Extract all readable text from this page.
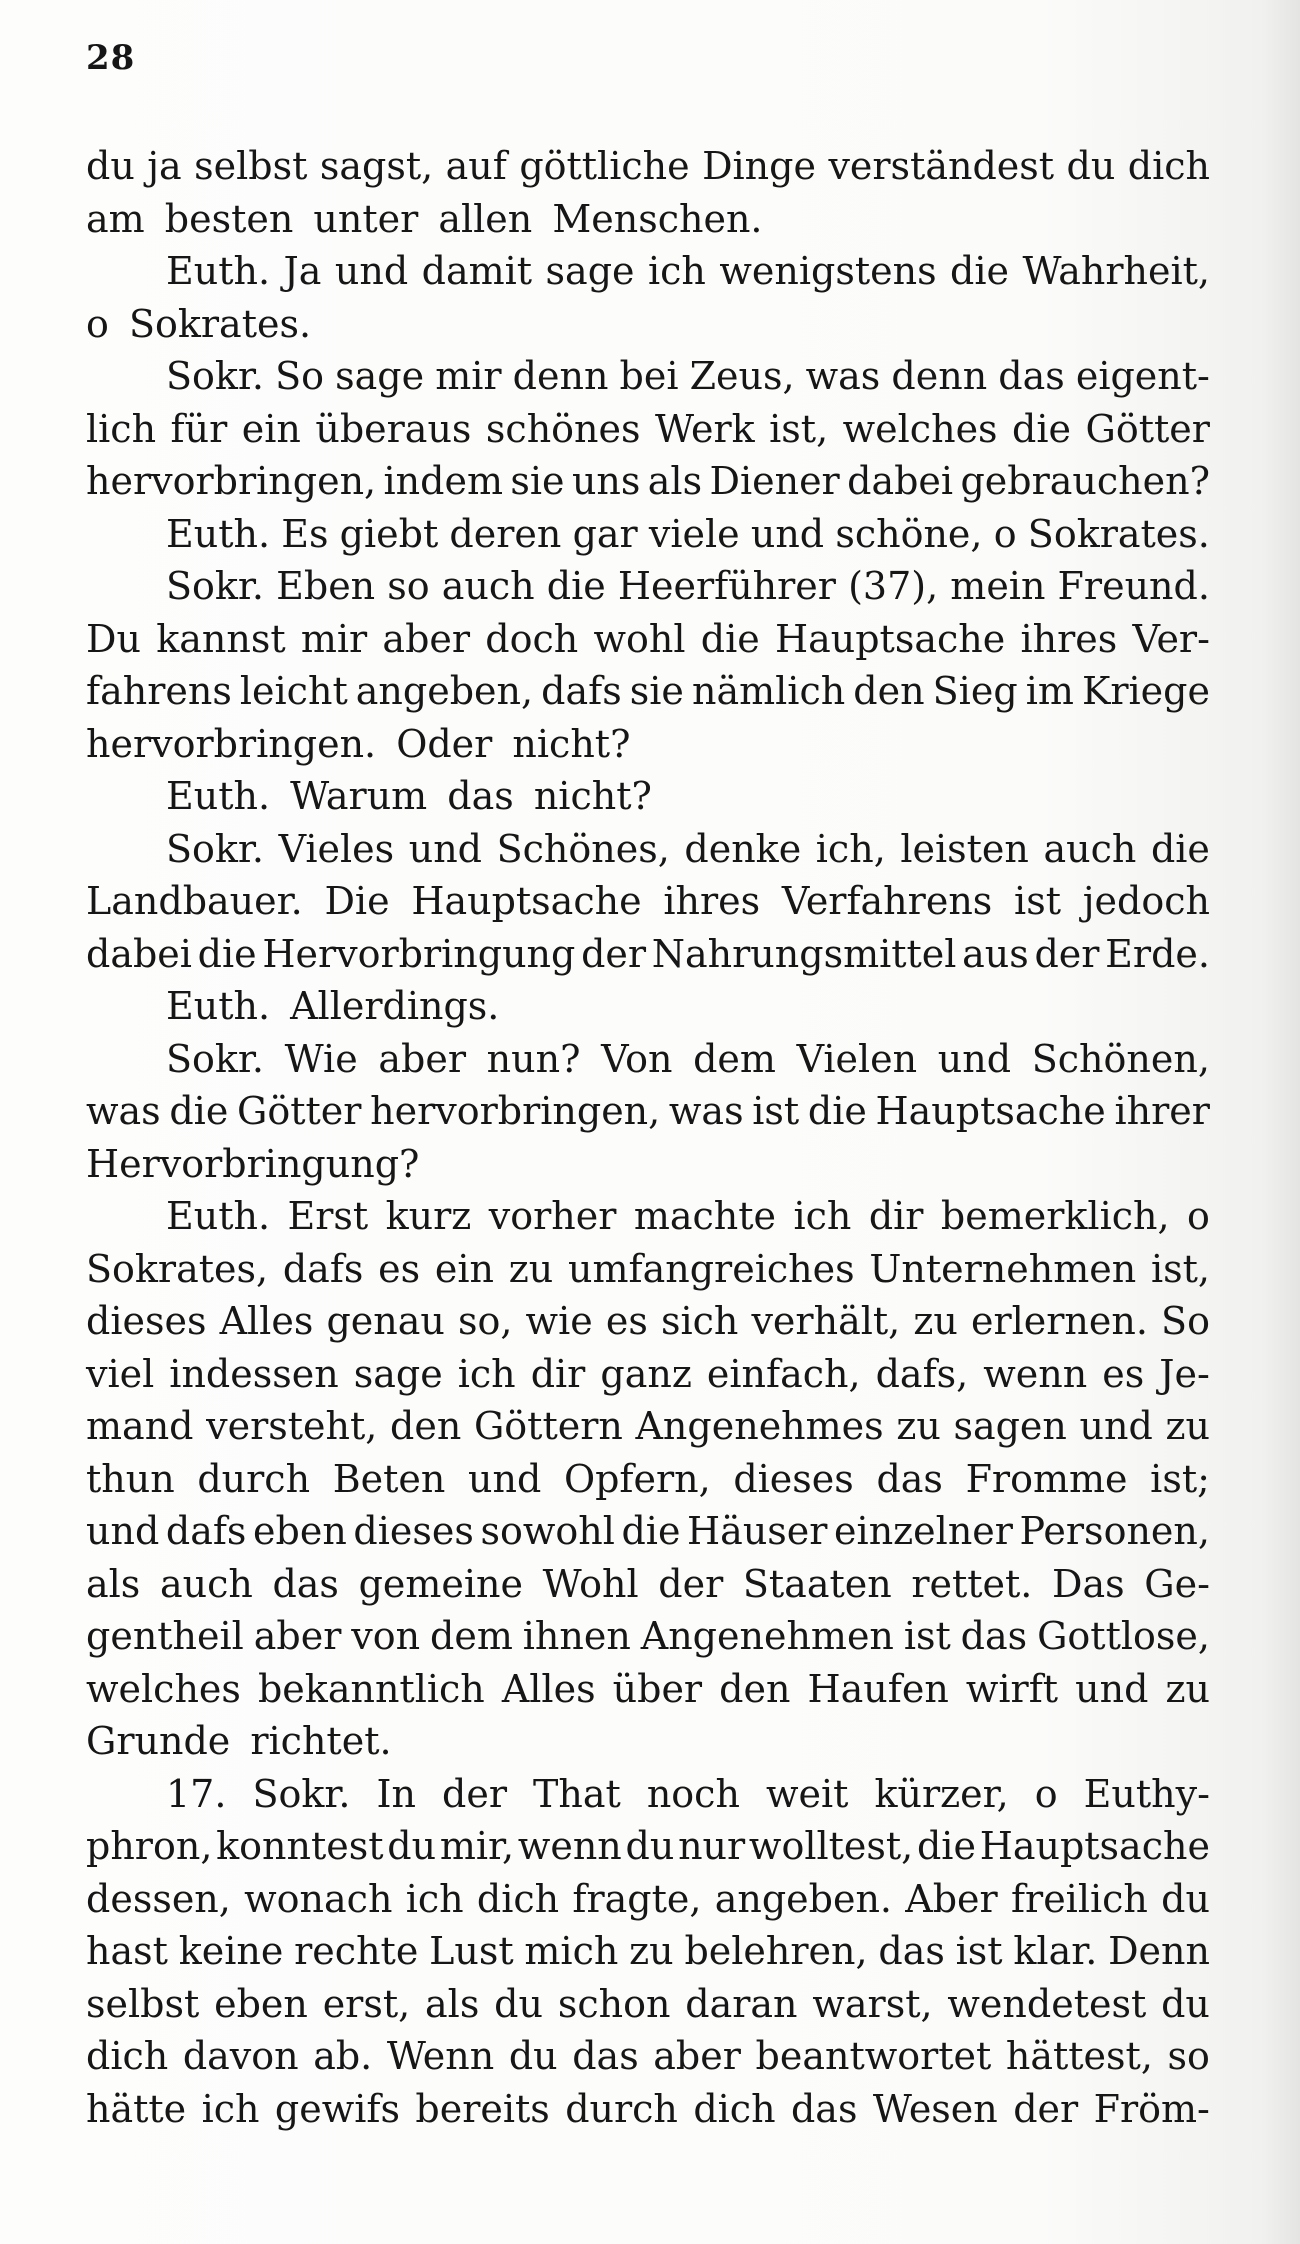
28
du ja selbst sagst, auf göttliche Dinge verständest du dich
am besten unter allen Menschen.
Euth. Ja und damit sage ich wenigstens die Wahrheit,
o Sokrates.
Sokr. So sage mir denn bei Zeus, was denn das eigent-
lich für ein überaus schönes Werk ist, welches die Götter
hervorbringen, indem sie uns als Diener dabei gebrauchen?
Euth. Es giebt deren gar viele und schöne, o Sokrates.
Sokr. Eben so auch die Heerführer (37), mein Freund.
Du kannst mir aber doch wohl die Hauptsache ihres Ver-
fahrens leicht angeben, dafs sie nämlich den Sieg im Kriege
hervorbringen. Oder nicht?
Euth. Warum das nicht?
Sokr. Vieles und Schönes, denke ich, leisten auch die
Landbauer. Die Hauptsache ihres Verfahrens ist jedoch
dabei die Hervorbringung der Nahrungsmittel aus der Erde.
Euth. Allerdings.
Sokr. Wie aber nun? Von dem Vielen und Schönen,
was die Götter hervorbringen, was ist die Hauptsache ihrer
Hervorbringung?
Euth. Erst kurz vorher machte ich dir bemerklich, o
Sokrates, dafs es ein zu umfangreiches Unternehmen ist,
dieses Alles genau so, wie es sich verhält, zu erlernen. So
viel indessen sage ich dir ganz einfach, dafs, wenn es Je-
mand versteht, den Göttern Angenehmes zu sagen und zu
thun durch Beten und Opfern, dieses das Fromme ist;
und dafs eben dieses sowohl die Häuser einzelner Personen,
als auch das gemeine Wohl der Staaten rettet. Das Ge-
gentheil aber von dem ihnen Angenehmen ist das Gottlose,
welches bekanntlich Alles über den Haufen wirft und zu
Grunde richtet.
17. Sokr. In der That noch weit kürzer, o Euthy-
phron, konntest du mir, wenn du nur wolltest, die Hauptsache
dessen, wonach ich dich fragte, angeben. Aber freilich du
hast keine rechte Lust mich zu belehren, das ist klar. Denn
selbst eben erst, als du schon daran warst, wendetest du
dich davon ab. Wenn du das aber beantwortet hättest, so
hätte ich gewifs bereits durch dich das Wesen der Fröm-
